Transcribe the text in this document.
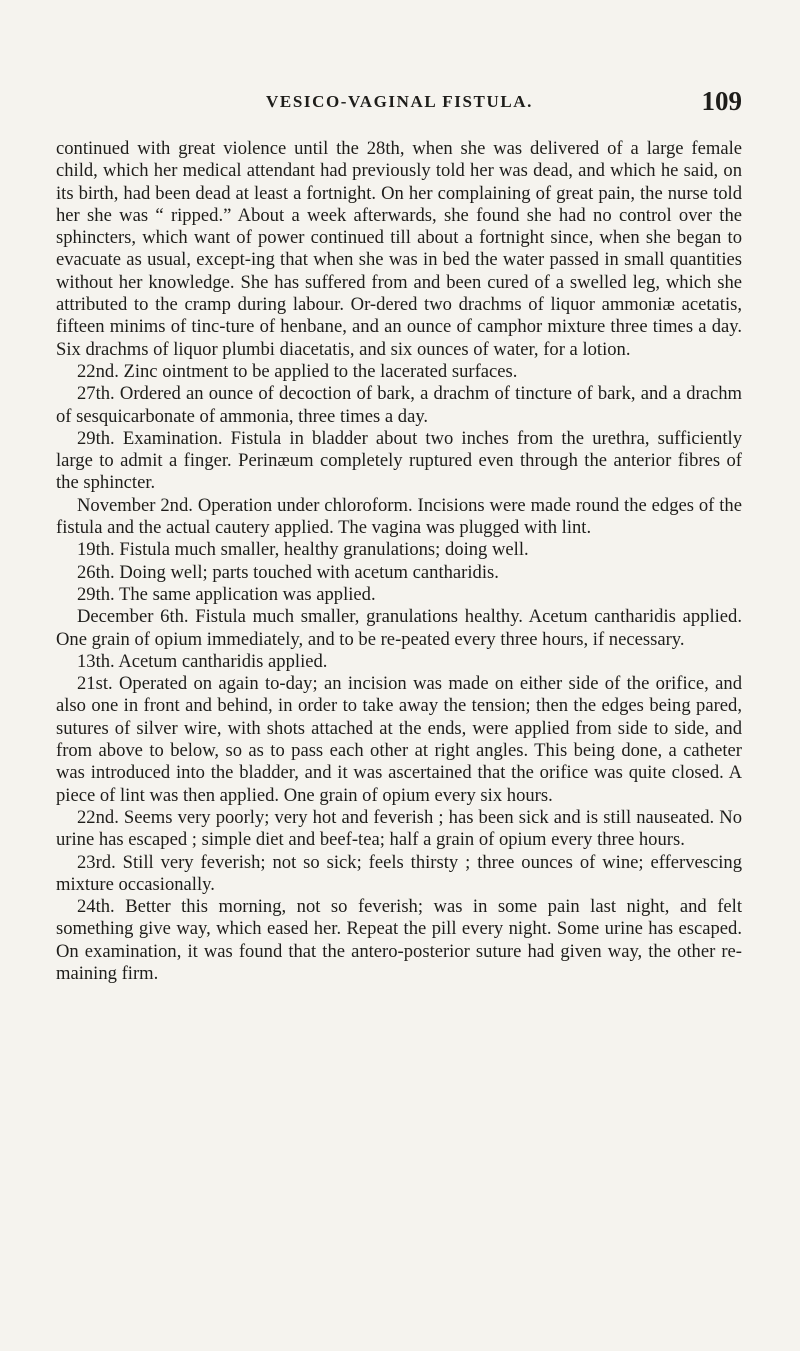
VESICO-VAGINAL FISTULA.	109

continued with great violence until the 28th, when she was delivered of a large female child, which her medical attendant had previously told her was dead, and which he said, on its birth, had been dead at least a fortnight. On her complaining of great pain, the nurse told her she was “ ripped.” About a week afterwards, she found she had no control over the sphincters, which want of power continued till about a fortnight since, when she began to evacuate as usual, except-ing that when she was in bed the water passed in small quantities without her knowledge. She has suffered from and been cured of a swelled leg, which she attributed to the cramp during labour. Or-dered two drachms of liquor ammoniæ acetatis, fifteen minims of tinc-ture of henbane, and an ounce of camphor mixture three times a day. Six drachms of liquor plumbi diacetatis, and six ounces of water, for a lotion.

22nd. Zinc ointment to be applied to the lacerated surfaces.

27th. Ordered an ounce of decoction of bark, a drachm of tincture of bark, and a drachm of sesquicarbonate of ammonia, three times a day.

29th. Examination. Fistula in bladder about two inches from the urethra, sufficiently large to admit a finger. Perinæum completely ruptured even through the anterior fibres of the sphincter.

November 2nd. Operation under chloroform. Incisions were made round the edges of the fistula and the actual cautery applied. The vagina was plugged with lint.

19th. Fistula much smaller, healthy granulations; doing well.

26th. Doing well; parts touched with acetum cantharidis.

29th. The same application was applied.

December 6th. Fistula much smaller, granulations healthy. Acetum cantharidis applied. One grain of opium immediately, and to be re-peated every three hours, if necessary.

13th. Acetum cantharidis applied.

21st. Operated on again to-day; an incision was made on either side of the orifice, and also one in front and behind, in order to take away the tension; then the edges being pared, sutures of silver wire, with shots attached at the ends, were applied from side to side, and from above to below, so as to pass each other at right angles. This being done, a catheter was introduced into the bladder, and it was ascertained that the orifice was quite closed. A piece of lint was then applied. One grain of opium every six hours.

22nd. Seems very poorly; very hot and feverish ; has been sick and is still nauseated. No urine has escaped ; simple diet and beef-tea; half a grain of opium every three hours.

23rd. Still very feverish; not so sick; feels thirsty ; three ounces of wine; effervescing mixture occasionally.

24th. Better this morning, not so feverish; was in some pain last night, and felt something give way, which eased her. Repeat the pill every night. Some urine has escaped. On examination, it was found that the antero-posterior suture had given way, the other re-maining firm.
